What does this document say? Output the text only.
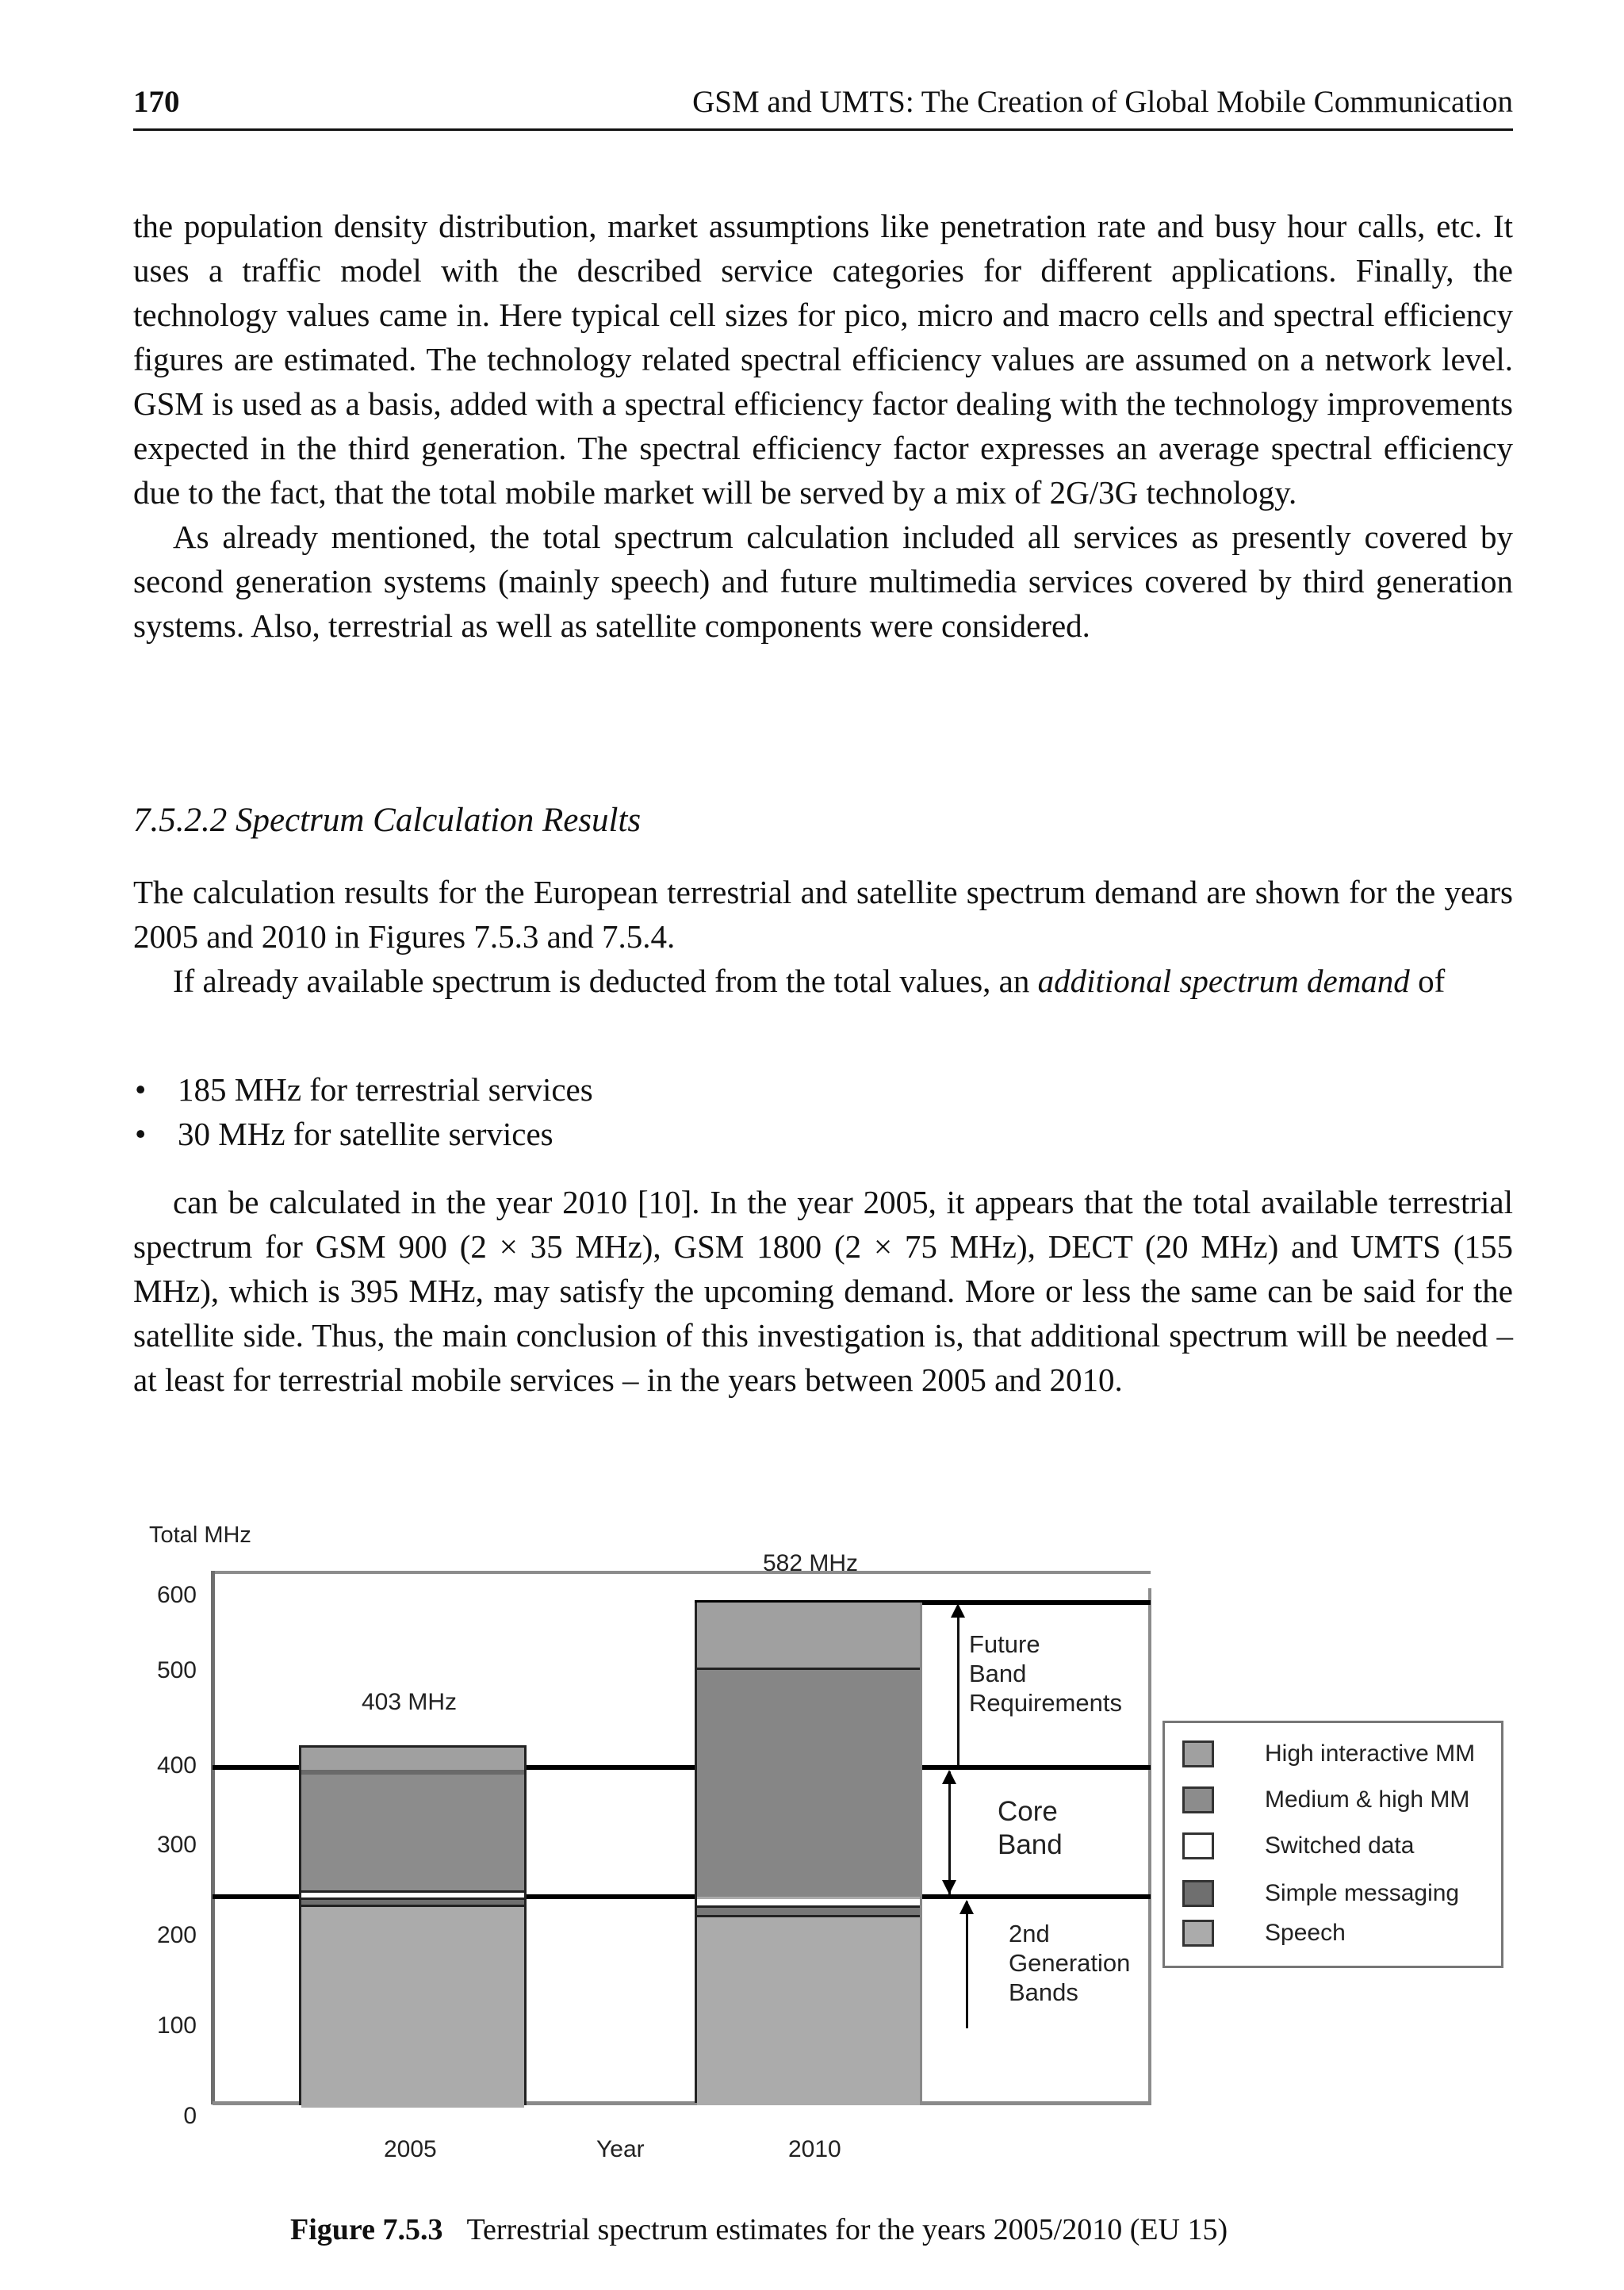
170	GSM and UMTS: The Creation of Global Mobile Communication

the population density distribution, market assumptions like penetration rate and busy hour calls, etc. It uses a traffic model with the described service categories for different applications. Finally, the technology values came in. Here typical cell sizes for pico, micro and macro cells and spectral efficiency figures are estimated. The technology related spectral efficiency values are assumed on a network level. GSM is used as a basis, added with a spectral efficiency factor dealing with the technology improvements expected in the third generation. The spectral efficiency factor expresses an average spectral efficiency due to the fact, that the total mobile market will be served by a mix of 2G/3G technology.

As already mentioned, the total spectrum calculation included all services as presently covered by second generation systems (mainly speech) and future multimedia services covered by third generation systems. Also, terrestrial as well as satellite components were considered.

7.5.2.2 Spectrum Calculation Results

The calculation results for the European terrestrial and satellite spectrum demand are shown for the years 2005 and 2010 in Figures 7.5.3 and 7.5.4.

If already available spectrum is deducted from the total values, an additional spectrum demand of

• 185 MHz for terrestrial services
• 30 MHz for satellite services

can be calculated in the year 2010 [10]. In the year 2005, it appears that the total available terrestrial spectrum for GSM 900 (2 × 35 MHz), GSM 1800 (2 × 75 MHz), DECT (20 MHz) and UMTS (155 MHz), which is 395 MHz, may satisfy the upcoming demand. More or less the same can be said for the satellite side. Thus, the main conclusion of this investigation is, that additional spectrum will be needed – at least for terrestrial mobile services – in the years between 2005 and 2010.

Total MHz
600
500
400
300
200
100
0
403 MHz
582 MHz
Future
Band
Requirements
Core
Band
2nd
Generation
Bands
2005	Year	2010
High interactive MM
Medium & high MM
Switched data
Simple messaging
Speech
Figure 7.5.3 Terrestrial spectrum estimates for the years 2005/2010 (EU 15)
